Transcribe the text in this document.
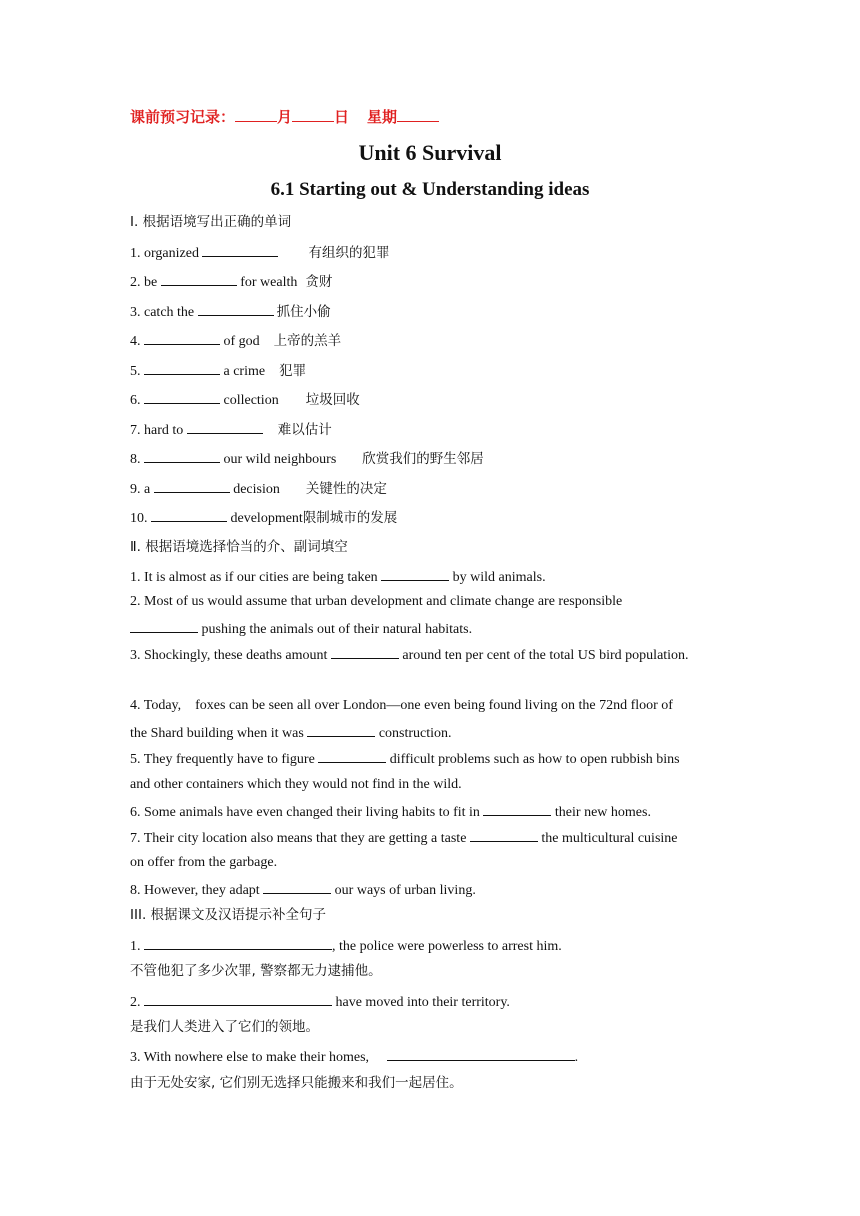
课前预习记录：	月	日 星期
Unit 6 Survival
6.1 Starting out & Understanding ideas
Ⅰ. 根据语境写出正确的单词
1. organized	有组织的犯罪
2. be	for wealth 贪财
3. catch the	抓住小偷
4.	of god 上帝的羔羊
5.	a crime 犯罪
6.	collection 垃圾回收
7. hard to	难以估计
8.	our wild neighbours 欣赏我们的野生邻居
9. a	decision 关键性的决定
10.	development限制城市的发展
Ⅱ. 根据语境选择恰当的介、副词填空
1. It is almost as if our cities are being taken	by wild animals.
2. Most of us would assume that urban development and climate change are responsible
pushing the animals out of their natural habitats.
3. Shockingly, these deaths amount	around ten per cent of the total US bird population.
4. Today,    foxes can be seen all over London—one even being found living on the 72nd floor of
the Shard building when it was	construction.
5. They frequently have to figure	difficult problems such as how to open rubbish bins
and other containers which they would not find in the wild.
6. Some animals have even changed their living habits to fit in	their new homes.
7. Their city location also means that they are getting a taste	the multicultural cuisine
on offer from the garbage.
8. However, they adapt	our ways of urban living.
III. 根据课文及汉语提示补全句子
1.	, the police were powerless to arrest him.
不管他犯了多少次罪, 警察都无力逮捕他。
2.	have moved into their territory.
是我们人类进入了它们的领地。
3. With nowhere else to make their homes,	.
由于无处安家, 它们别无选择只能搬来和我们一起居住。
